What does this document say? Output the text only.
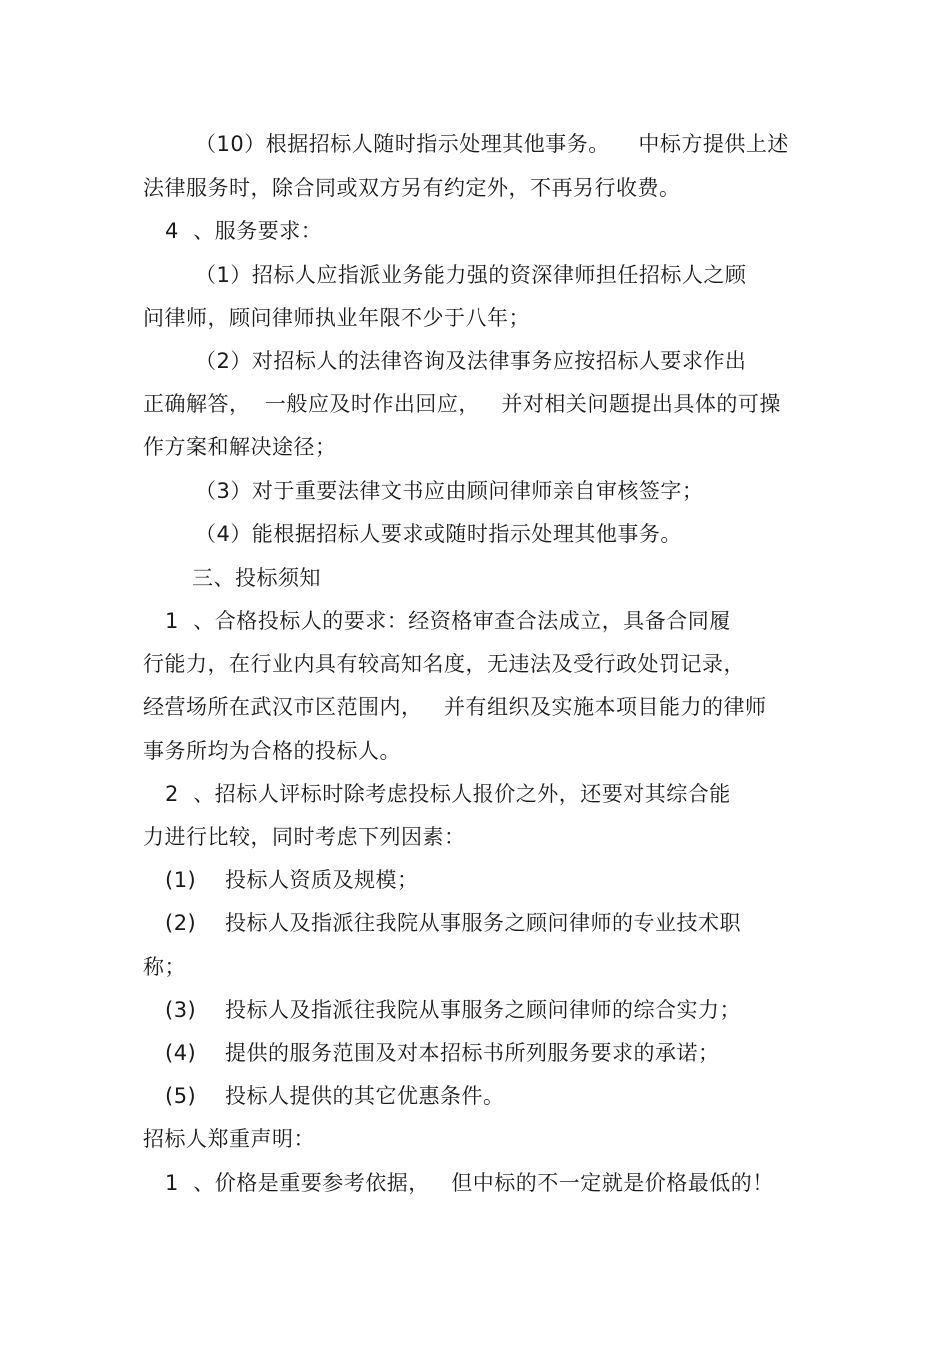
（10）根据招标人随时指示处理其他事务。    中标方提供上述
法律服务时，除合同或双方另有约定外，不再另行收费。
4  、服务要求：
（1）招标人应指派业务能力强的资深律师担任招标人之顾
问律师，顾问律师执业年限不少于八年；
（2）对招标人的法律咨询及法律事务应按招标人要求作出
正确解答，  一般应及时作出回应，   并对相关问题提出具体的可操
作方案和解决途径；
（3）对于重要法律文书应由顾问律师亲自审核签字；
（4）能根据招标人要求或随时指示处理其他事务。
三、投标须知
1  、合格投标人的要求：经资格审查合法成立，具备合同履
行能力，在行业内具有较高知名度，无违法及受行政处罚记录，
经营场所在武汉市区范围内，   并有组织及实施本项目能力的律师
事务所均为合格的投标人。
2  、招标人评标时除考虑投标人报价之外，还要对其综合能
力进行比较，同时考虑下列因素：
(1)    投标人资质及规模；
(2)    投标人及指派往我院从事服务之顾问律师的专业技术职
称；
(3)    投标人及指派往我院从事服务之顾问律师的综合实力；
(4)    提供的服务范围及对本招标书所列服务要求的承诺；
(5)    投标人提供的其它优惠条件。
招标人郑重声明：
1  、价格是重要参考依据，   但中标的不一定就是价格最低的！
